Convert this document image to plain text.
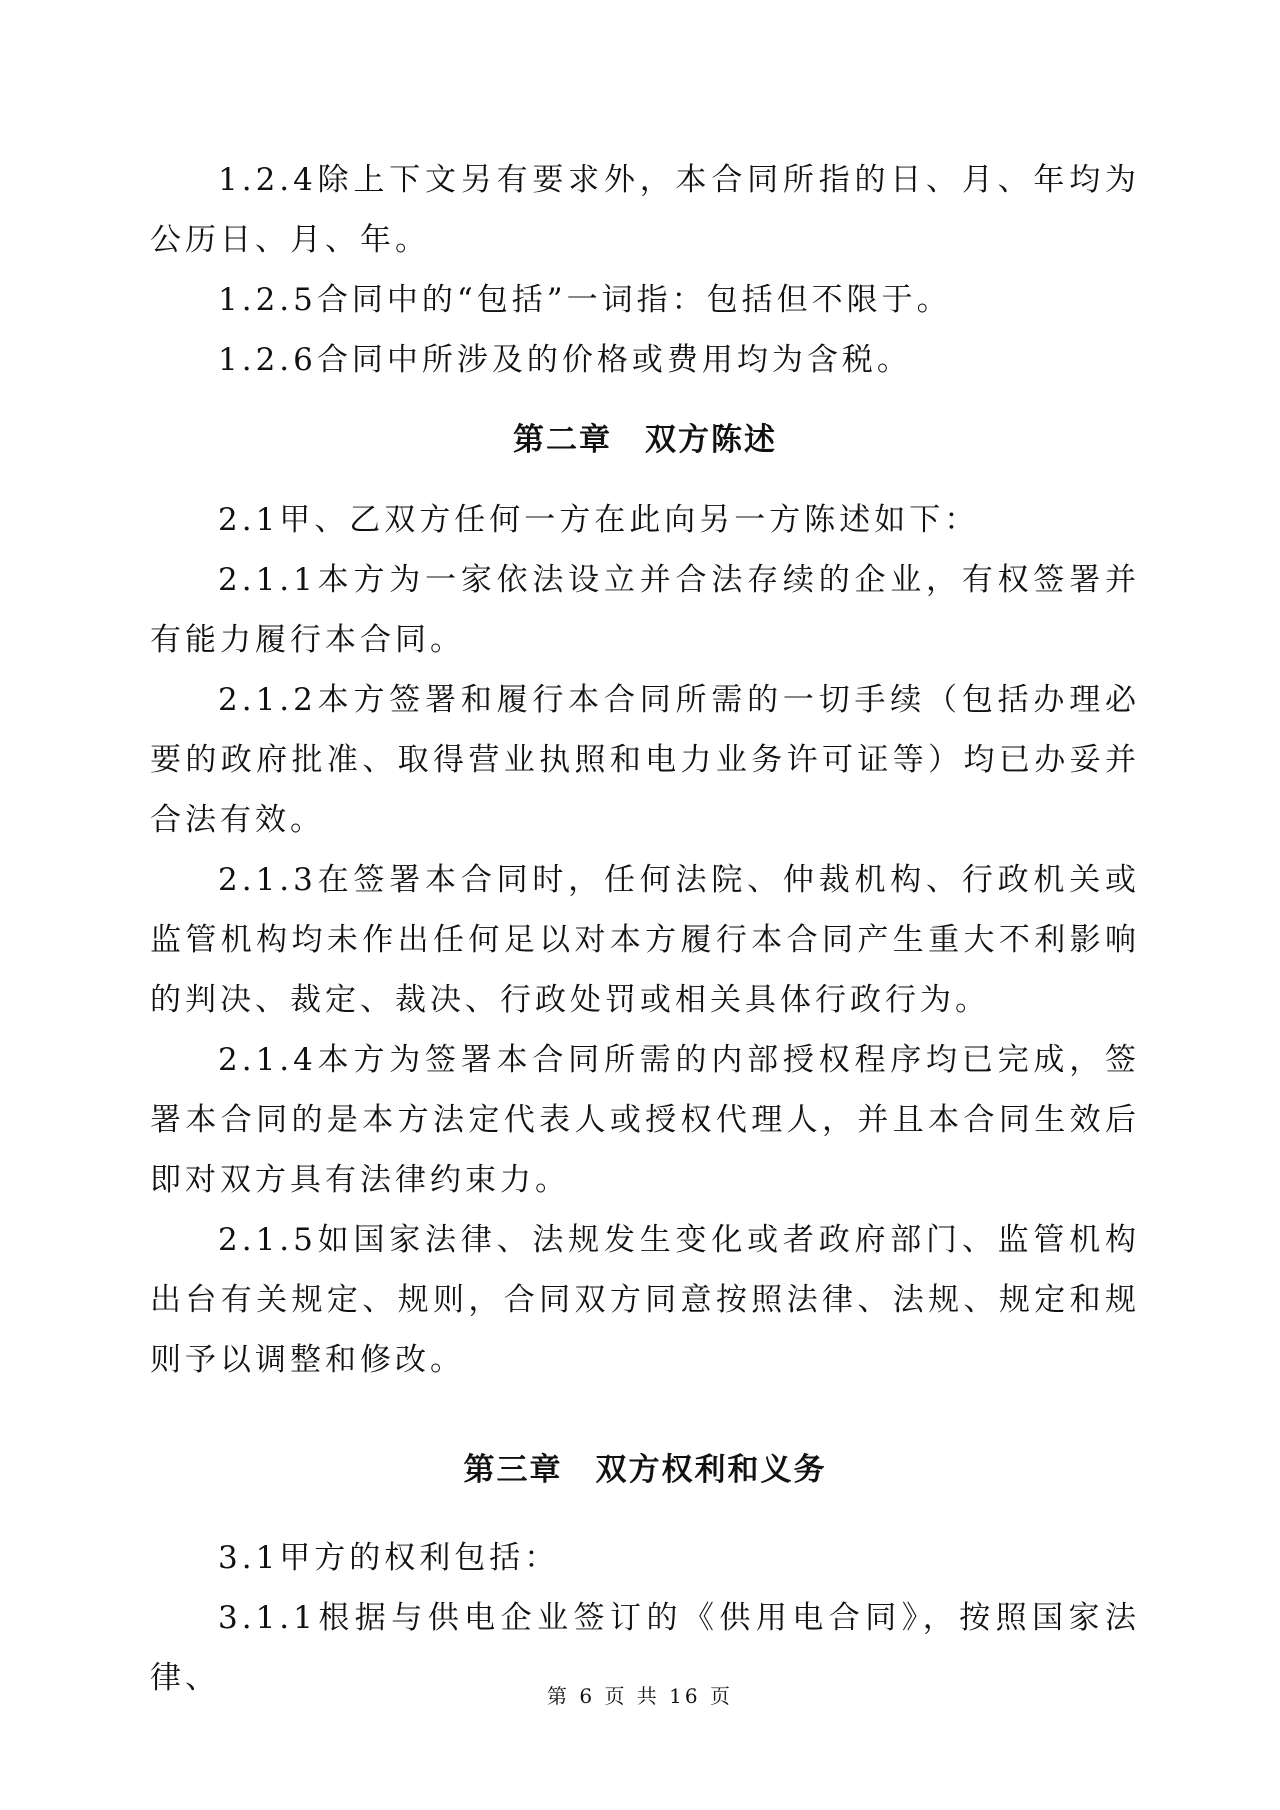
1.2.4除上下文另有要求外，本合同所指的日、月、年均为公历日、月、年。

1.2.5合同中的“包括”一词指：包括但不限于。

1.2.6合同中所涉及的价格或费用均为含税。

第二章　双方陈述

2.1甲、乙双方任何一方在此向另一方陈述如下：

2.1.1本方为一家依法设立并合法存续的企业，有权签署并有能力履行本合同。

2.1.2本方签署和履行本合同所需的一切手续（包括办理必要的政府批准、取得营业执照和电力业务许可证等）均已办妥并合法有效。

2.1.3在签署本合同时，任何法院、仲裁机构、行政机关或监管机构均未作出任何足以对本方履行本合同产生重大不利影响的判决、裁定、裁决、行政处罚或相关具体行政行为。

2.1.4本方为签署本合同所需的内部授权程序均已完成，签署本合同的是本方法定代表人或授权代理人，并且本合同生效后即对双方具有法律约束力。

2.1.5如国家法律、法规发生变化或者政府部门、监管机构出台有关规定、规则，合同双方同意按照法律、法规、规定和规则予以调整和修改。

第三章　双方权利和义务

3.1甲方的权利包括：

3.1.1根据与供电企业签订的《供用电合同》，按照国家法律、	第 6 页 共 16 页
